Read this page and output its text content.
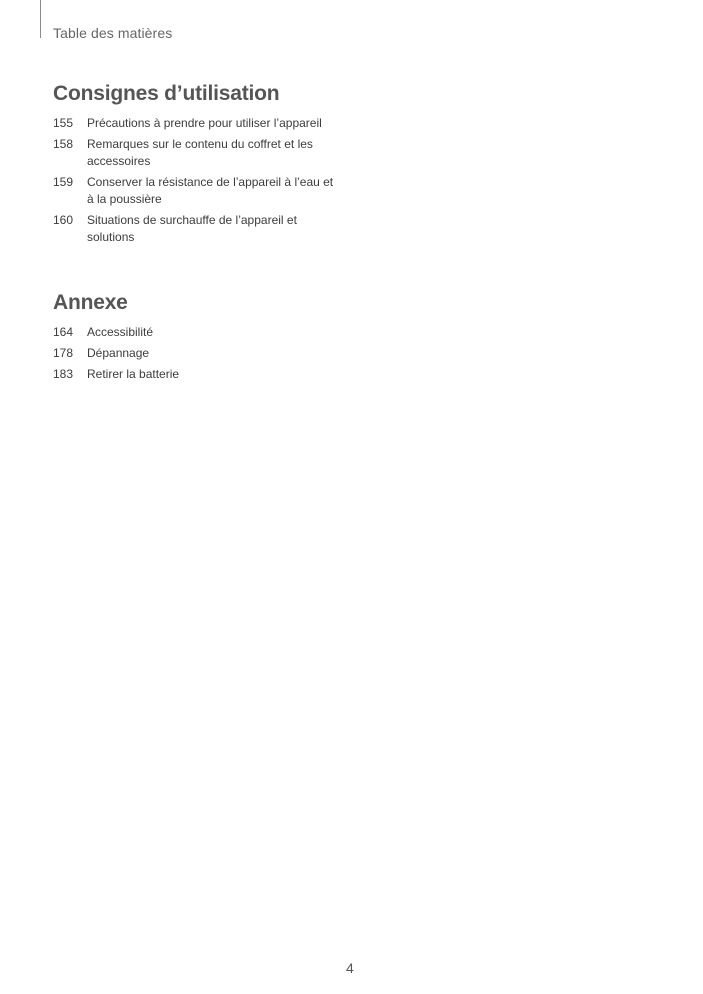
Table des matières
Consignes d’utilisation
155	Précautions à prendre pour utiliser l’appareil
158	Remarques sur le contenu du coffret et les accessoires
159	Conserver la résistance de l’appareil à l’eau et à la poussière
160	Situations de surchauffe de l’appareil et solutions
Annexe
164	Accessibilité
178	Dépannage
183	Retirer la batterie
4
